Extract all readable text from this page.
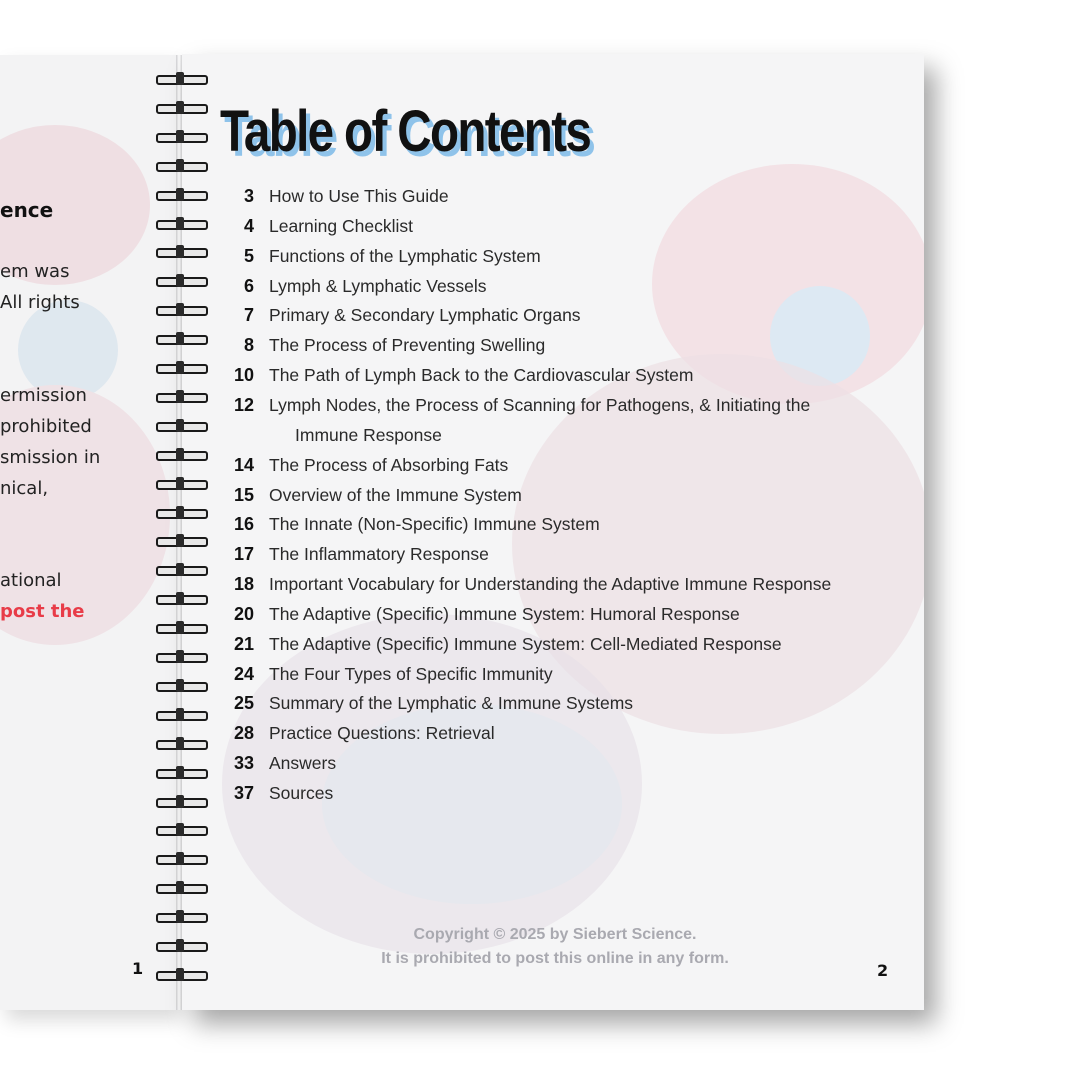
ence
em was
All rights
ermission
prohibited
smission in
nical,
ational
post the
1
Table of Contents
3 How to Use This Guide
4 Learning Checklist
5 Functions of the Lymphatic System
6 Lymph & Lymphatic Vessels
7 Primary & Secondary Lymphatic Organs
8 The Process of Preventing Swelling
10 The Path of Lymph Back to the Cardiovascular System
12 Lymph Nodes, the Process of Scanning for Pathogens, & Initiating the
Immune Response
14 The Process of Absorbing Fats
15 Overview of the Immune System
16 The Innate (Non-Specific) Immune System
17 The Inflammatory Response
18 Important Vocabulary for Understanding the Adaptive Immune Response
20 The Adaptive (Specific) Immune System: Humoral Response
21 The Adaptive (Specific) Immune System: Cell-Mediated Response
24 The Four Types of Specific Immunity
25 Summary of the Lymphatic & Immune Systems
28 Practice Questions: Retrieval
33 Answers
37 Sources
Copyright © 2025 by Siebert Science.
It is prohibited to post this online in any form.
2
